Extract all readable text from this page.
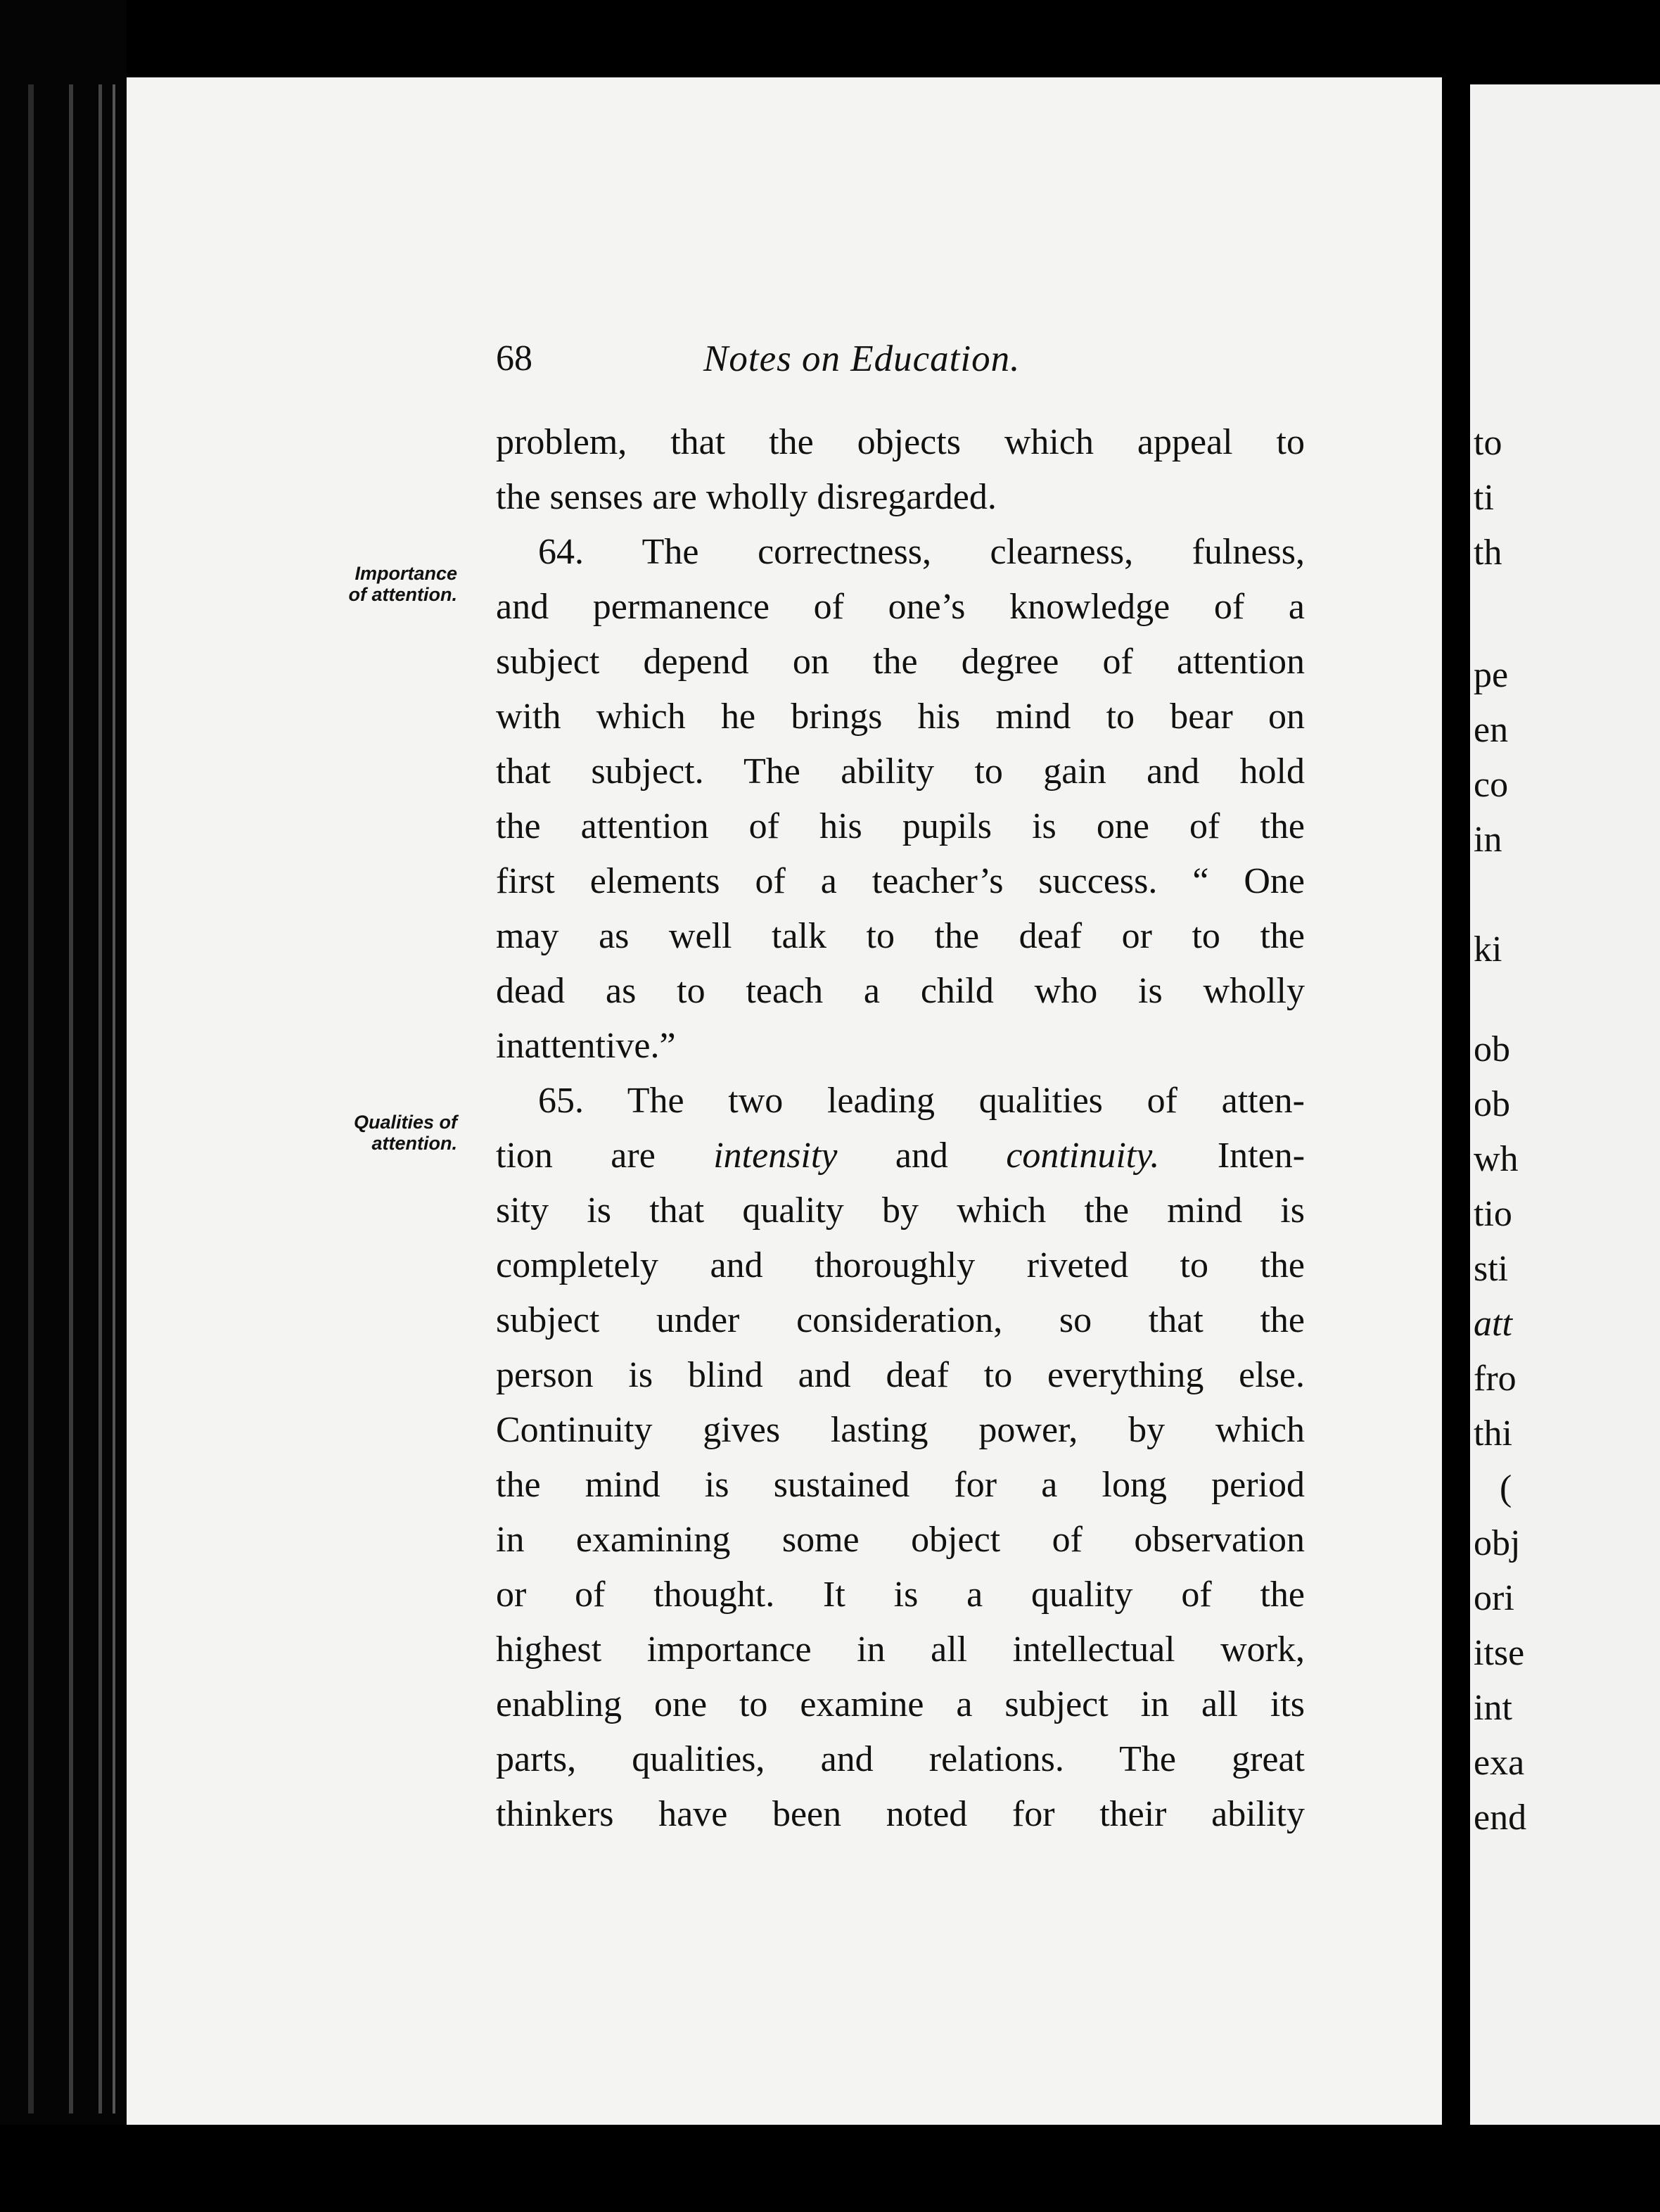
68	Notes on Education.
Importance
of attention.
Qualities of
attention.
problem, that the objects which appeal to
the senses are wholly disregarded.
64. The correctness, clearness, fulness,
and permanence of one’s knowledge of a
subject depend on the degree of attention
with which he brings his mind to bear on
that subject. The ability to gain and hold
the attention of his pupils is one of the
first elements of a teacher’s success. “ One
may as well talk to the deaf or to the
dead as to teach a child who is wholly
inattentive.”
65. The two leading qualities of atten-
tion are intensity and continuity. Inten-
sity is that quality by which the mind is
completely and thoroughly riveted to the
subject under consideration, so that the
person is blind and deaf to everything else.
Continuity gives lasting power, by which
the mind is sustained for a long period
in examining some object of observation
or of thought. It is a quality of the
highest importance in all intellectual work,
enabling one to examine a subject in all its
parts, qualities, and relations. The great
thinkers have been noted for their ability
to
ti
th
pe
en
co
in
ki
ob
ob
wh
tio
sti
att
fro
thi
(
obj
ori
itse
int
exa
end
